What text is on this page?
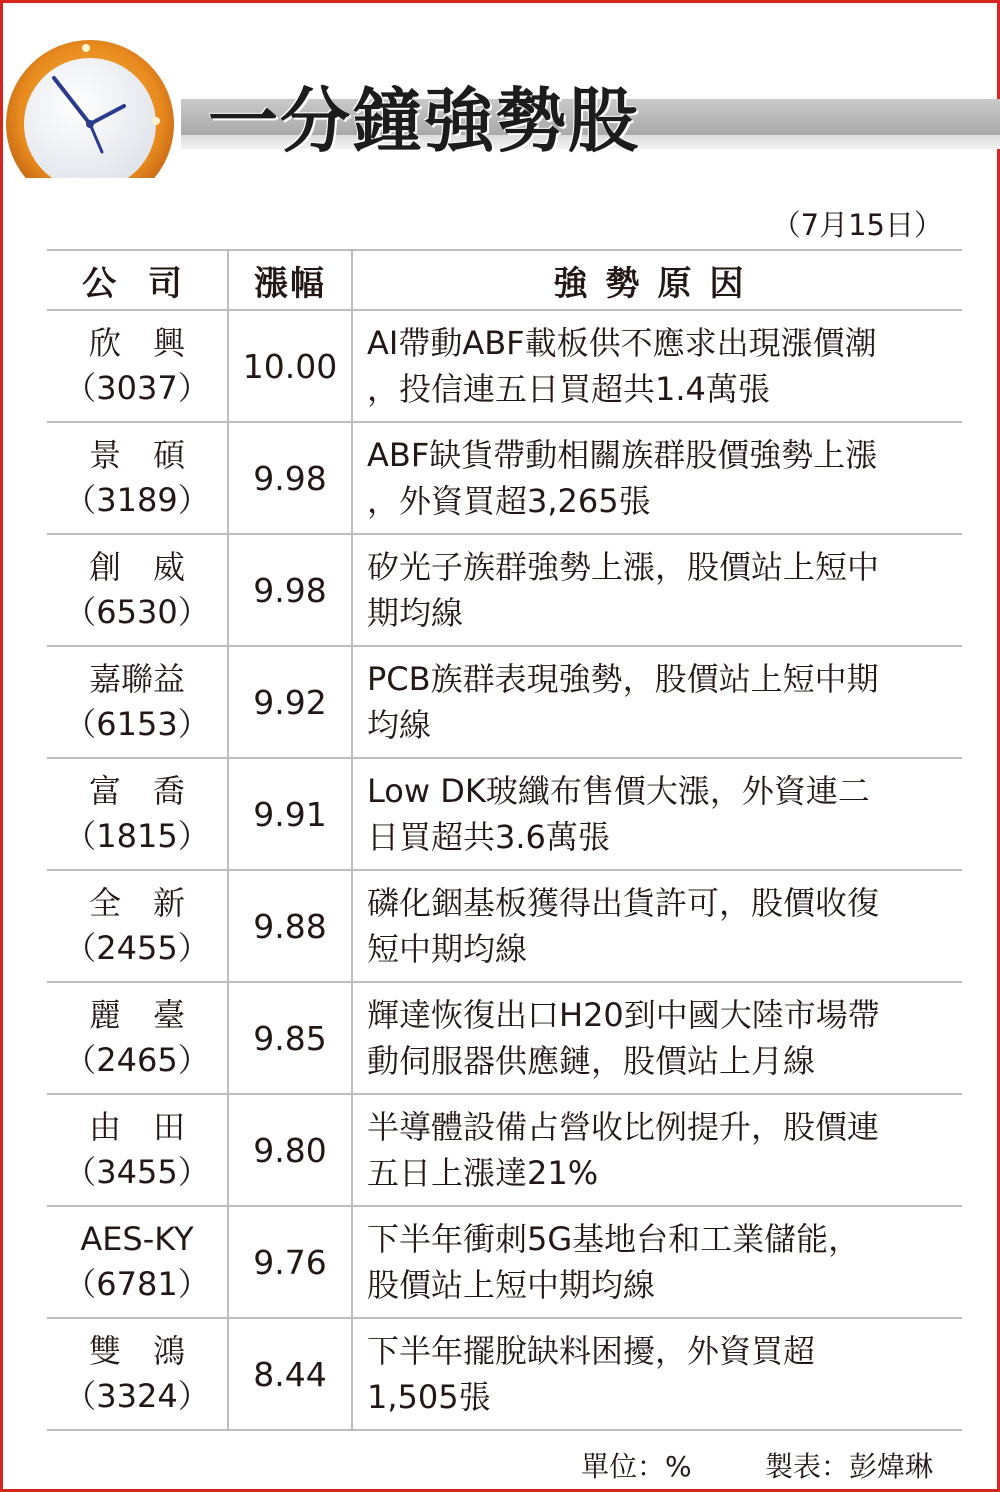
一分鐘強勢股
（7月15日）
公 司	漲幅	強勢原因

欣　興
（3037）	10.00	AI帶動ABF載板供不應求出現漲價潮
，投信連五日買超共1.4萬張

景　碩
（3189）	9.98	ABF缺貨帶動相關族群股價強勢上漲
，外資買超3,265張

創　威
（6530）	9.98	矽光子族群強勢上漲，股價站上短中
期均線

嘉聯益
（6153）	9.92	PCB族群表現強勢，股價站上短中期
均線

富　喬
（1815）	9.91	Low DK玻纖布售價大漲，外資連二
日買超共3.6萬張

全　新
（2455）	9.88	磷化銦基板獲得出貨許可，股價收復
短中期均線

麗　臺
（2465）	9.85	輝達恢復出口H20到中國大陸市場帶
動伺服器供應鏈，股價站上月線

由　田
（3455）	9.80	半導體設備占營收比例提升，股價連
五日上漲達21%

AES-KY
（6781）	9.76	下半年衝刺5G基地台和工業儲能，
股價站上短中期均線

雙　鴻
（3324）	8.44	下半年擺脫缺料困擾，外資買超
1,505張
單位：%	製表：彭煒琳
